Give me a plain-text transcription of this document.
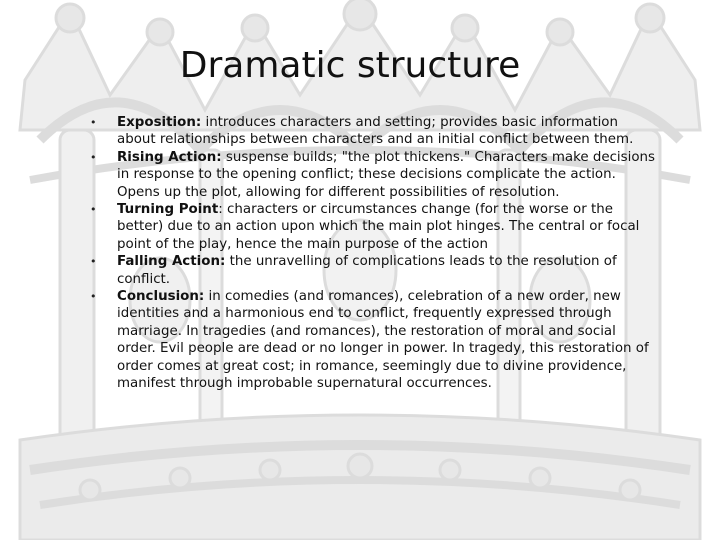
Dramatic structure
• Exposition: introduces characters and setting; provides basic information about relationships between characters and an initial conflict between them.
• Rising Action: suspense builds; "the plot thickens." Characters make decisions in response to the opening conflict; these decisions complicate the action. Opens up the plot, allowing for different possibilities of resolution.
• Turning Point: characters or circumstances change (for the worse or the better) due to an action upon which the main plot hinges. The central or focal point of the play, hence the main purpose of the action
• Falling Action: the unravelling of complications leads to the resolution of conflict.
• Conclusion: in comedies (and romances), celebration of a new order, new identities and a harmonious end to conflict, frequently expressed through marriage. In tragedies (and romances), the restoration of moral and social order. Evil people are dead or no longer in power. In tragedy, this restoration of order comes at great cost; in romance, seemingly due to divine providence, manifest through improbable supernatural occurrences.
